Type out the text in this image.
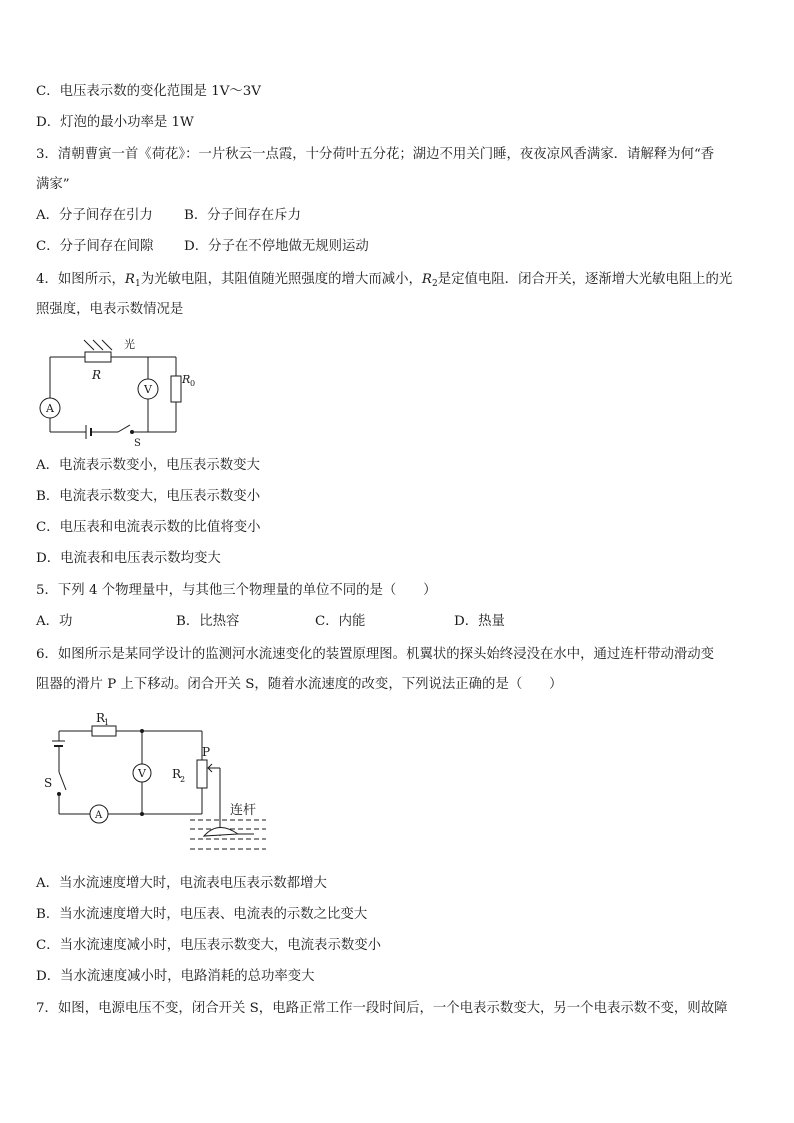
C．电压表示数的变化范围是 1V～3V
D．灯泡的最小功率是 1W
3．清朝曹寅一首《荷花》：一片秋云一点霞，十分荷叶五分花；湖边不用关门睡，夜夜凉风香满家．请解释为何“香
满家”
A．分子间存在引力 B．分子间存在斥力
C．分子间存在间隙 D．分子在不停地做无规则运动
4．如图所示，$R_1$为光敏电阻，其阻值随光照强度的增大而减小，$R_2$是定值电阻．闭合开关，逐渐增大光敏电阻上的光
照强度，电表示数情况是
光
R
V
R 0
A
S
A．电流表示数变小，电压表示数变大
B．电流表示数变大，电压表示数变小
C．电压表和电流表示数的比值将变小
D．电流表和电压表示数均变大
5．下列 4 个物理量中，与其他三个物理量的单位不同的是（　　）
A．功	B．比热容	C．内能	D．热量
6．如图所示是某同学设计的监测河水流速变化的装置原理图。机翼状的探头始终浸没在水中，通过连杆带动滑动变
阻器的滑片 P 上下移动。闭合开关 S，随着水流速度的改变，下列说法正确的是（　　）
R
1
S
V R
2
P
A	连杆
A．当水流速度增大时，电流表电压表示数都增大
B．当水流速度增大时，电压表、电流表的示数之比变大
C．当水流速度减小时，电压表示数变大，电流表示数变小
D．当水流速度减小时，电路消耗的总功率变大
7．如图，电源电压不变，闭合开关 S，电路正常工作一段时间后，一个电表示数变大，另一个电表示数不变，则故障
